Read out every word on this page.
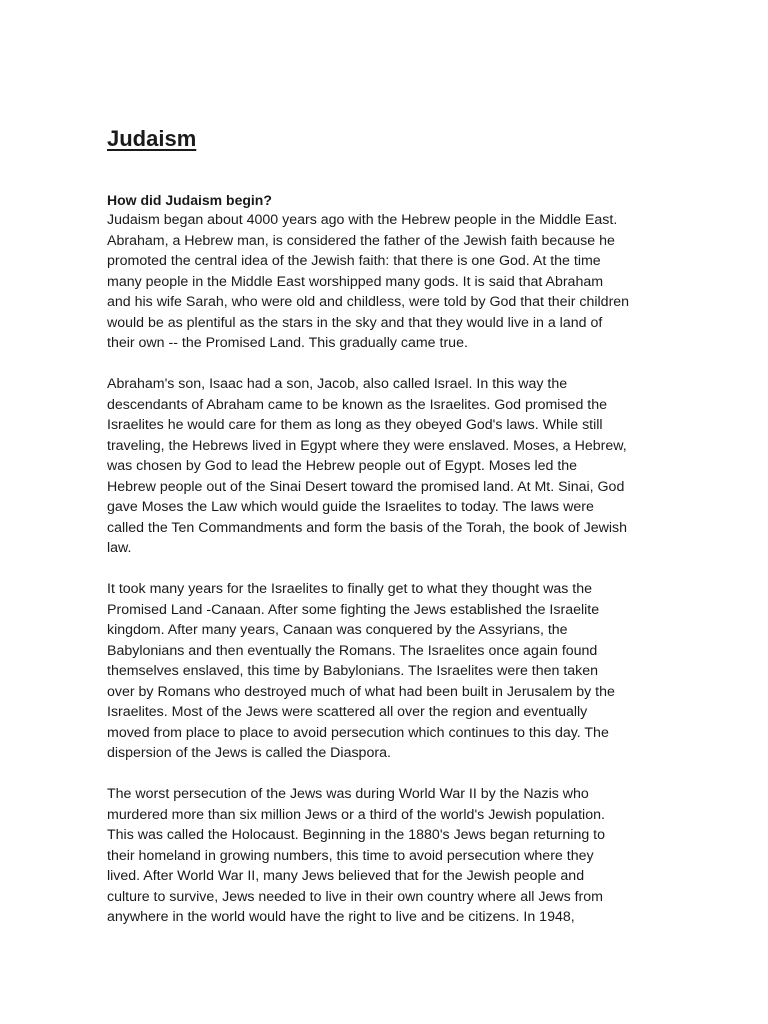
Judaism
How did Judaism begin?

Judaism began about 4000 years ago with the Hebrew people in the Middle East.
Abraham, a Hebrew man, is considered the father of the Jewish faith because he
promoted the central idea of the Jewish faith: that there is one God. At the time
many people in the Middle East worshipped many gods. It is said that Abraham
and his wife Sarah, who were old and childless, were told by God that their children
would be as plentiful as the stars in the sky and that they would live in a land of
their own -- the Promised Land. This gradually came true.

Abraham's son, Isaac had a son, Jacob, also called Israel. In this way the
descendants of Abraham came to be known as the Israelites. God promised the
Israelites he would care for them as long as they obeyed God's laws. While still
traveling, the Hebrews lived in Egypt where they were enslaved. Moses, a Hebrew,
was chosen by God to lead the Hebrew people out of Egypt. Moses led the
Hebrew people out of the Sinai Desert toward the promised land. At Mt. Sinai, God
gave Moses the Law which would guide the Israelites to today. The laws were
called the Ten Commandments and form the basis of the Torah, the book of Jewish
law.

It took many years for the Israelites to finally get to what they thought was the
Promised Land -Canaan. After some fighting the Jews established the Israelite
kingdom. After many years, Canaan was conquered by the Assyrians, the
Babylonians and then eventually the Romans. The Israelites once again found
themselves enslaved, this time by Babylonians. The Israelites were then taken
over by Romans who destroyed much of what had been built in Jerusalem by the
Israelites. Most of the Jews were scattered all over the region and eventually
moved from place to place to avoid persecution which continues to this day. The
dispersion of the Jews is called the Diaspora.

The worst persecution of the Jews was during World War II by the Nazis who
murdered more than six million Jews or a third of the world's Jewish population.
This was called the Holocaust. Beginning in the 1880's Jews began returning to
their homeland in growing numbers, this time to avoid persecution where they
lived. After World War II, many Jews believed that for the Jewish people and
culture to survive, Jews needed to live in their own country where all Jews from
anywhere in the world would have the right to live and be citizens. In 1948,
